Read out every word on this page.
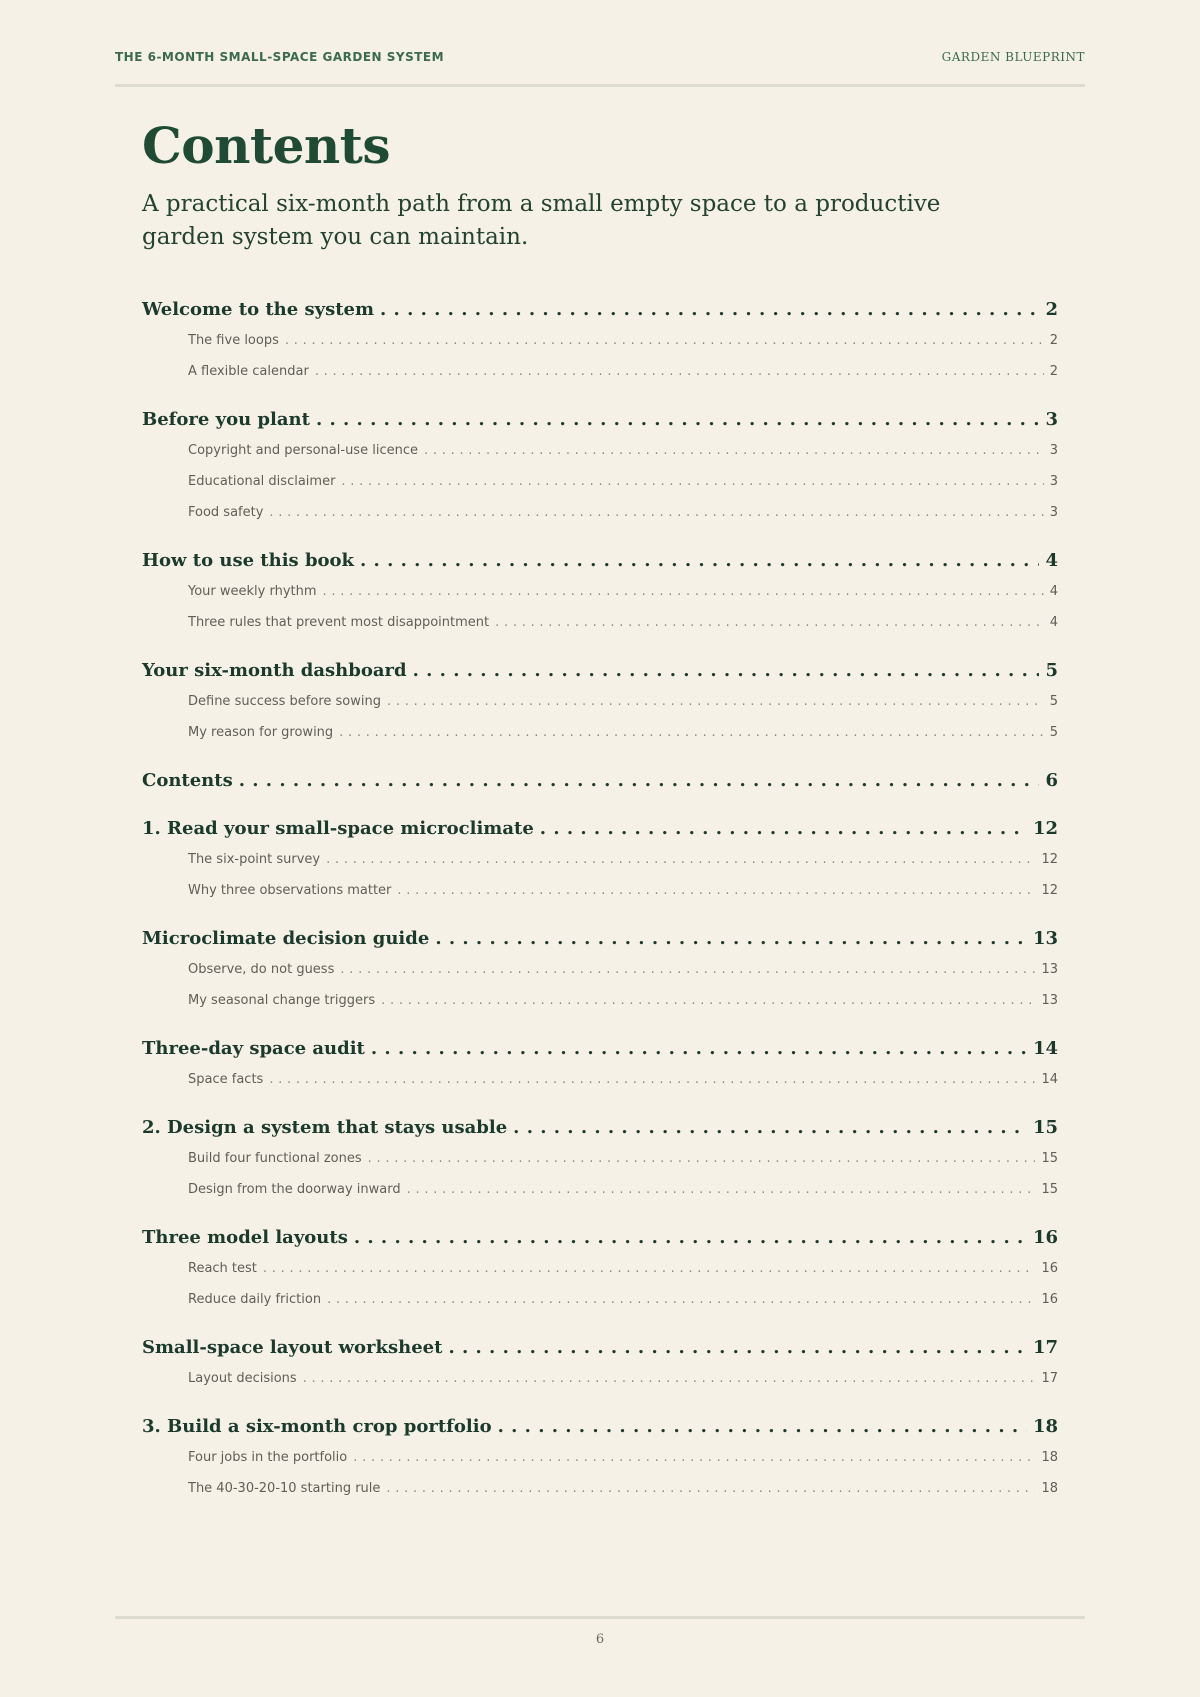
THE 6-MONTH SMALL-SPACE GARDEN SYSTEM	GARDEN BLUEPRINT
Contents

A practical six-month path from a small empty space to a productive garden system you can maintain.

Welcome to the system . . .	2
The five loops . . .	2
A flexible calendar . . .	2
Before you plant . . .	3
Copyright and personal-use licence . . .	3
Educational disclaimer . . .	3
Food safety . . .	3
How to use this book . . .	4
Your weekly rhythm . . .	4
Three rules that prevent most disappointment . . .	4
Your six-month dashboard . . .	5
Define success before sowing . . .	5
My reason for growing . . .	5
Contents . . .	6
1. Read your small-space microclimate . . .	12
The six-point survey . . .	12
Why three observations matter . . .	12
Microclimate decision guide . . .	13
Observe, do not guess . . .	13
My seasonal change triggers . . .	13
Three-day space audit . . .	14
Space facts . . .	14
2. Design a system that stays usable . . .	15
Build four functional zones . . .	15
Design from the doorway inward . . .	15
Three model layouts . . .	16
Reach test . . .	16
Reduce daily friction . . .	16
Small-space layout worksheet . . .	17
Layout decisions . . .	17
3. Build a six-month crop portfolio . . .	18
Four jobs in the portfolio . . .	18
The 40-30-20-10 starting rule . . .	18
6
